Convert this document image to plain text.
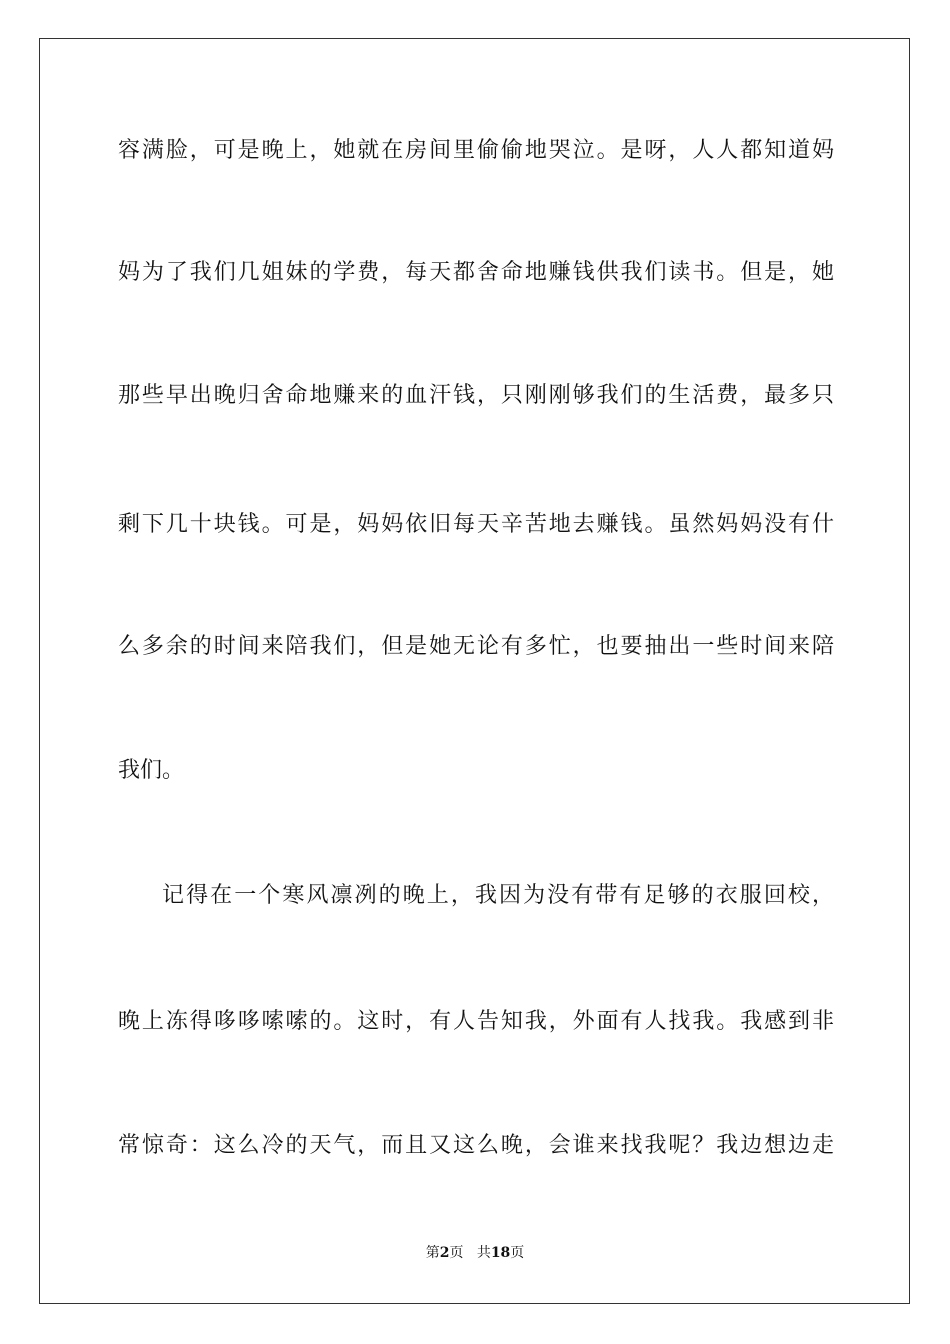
容满脸，可是晚上，她就在房间里偷偷地哭泣。是呀，人人都知道妈
妈为了我们几姐妹的学费，每天都舍命地赚钱供我们读书。但是，她
那些早出晚归舍命地赚来的血汗钱，只刚刚够我们的生活费，最多只
剩下几十块钱。可是，妈妈依旧每天辛苦地去赚钱。虽然妈妈没有什
么多余的时间来陪我们，但是她无论有多忙，也要抽出一些时间来陪
我们。
记得在一个寒风凛冽的晚上，我因为没有带有足够的衣服回校，
晚上冻得哆哆嗦嗦的。这时，有人告知我，外面有人找我。我感到非
常惊奇：这么冷的天气，而且又这么晚，会谁来找我呢？我边想边走
第2页 共18页
